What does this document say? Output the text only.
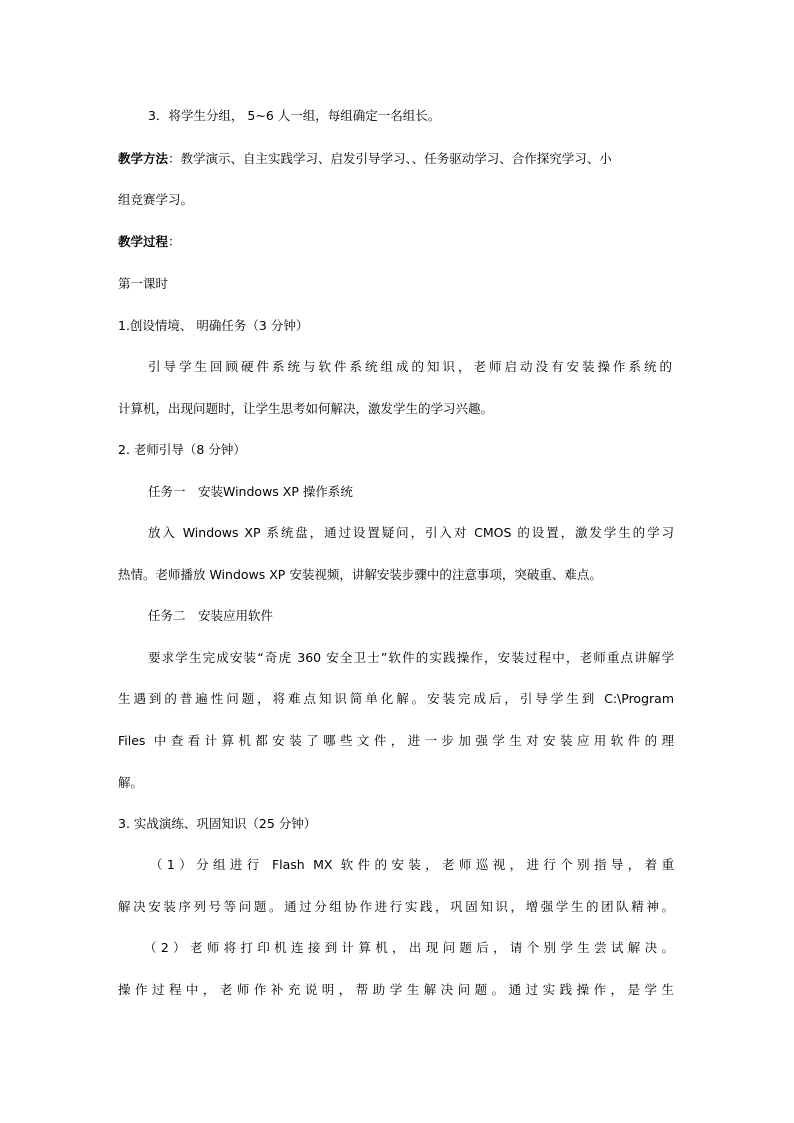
3．将学生分组， 5~6 人一组，每组确定一名组长。
教学方法：教学演示、自主实践学习、启发引导学习、、任务驱动学习、合作探究学习、小
组竞赛学习。
教学过程：
第一课时
1.创设情境、 明确任务（3 分钟）
引导学生回顾硬件系统与软件系统组成的知识，老师启动没有安装操作系统的
计算机，出现问题时，让学生思考如何解决，激发学生的学习兴趣。
2. 老师引导（8 分钟）
任务一　安装Windows XP 操作系统
放入 Windows XP 系统盘，通过设置疑问，引入对 CMOS 的设置，激发学生的学习
热情。老师播放 Windows XP 安装视频，讲解安装步骤中的注意事项，突破重、难点。
任务二　安装应用软件
要求学生完成安装“奇虎 360 安全卫士”软件的实践操作，安装过程中，老师重点讲解学
生遇到的普遍性问题，将难点知识简单化解。安装完成后，引导学生到 C:\Program
Files 中查看计算机都安装了哪些文件，进一步加强学生对安装应用软件的理
解。
3. 实战演练、巩固知识（25 分钟）
（1）分组进行 Flash MX 软件的安装，老师巡视，进行个别指导，着重
解决安装序列号等问题。通过分组协作进行实践，巩固知识，增强学生的团队精神。
（2）老师将打印机连接到计算机，出现问题后，请个别学生尝试解决。
操作过程中，老师作补充说明，帮助学生解决问题。通过实践操作，是学生
